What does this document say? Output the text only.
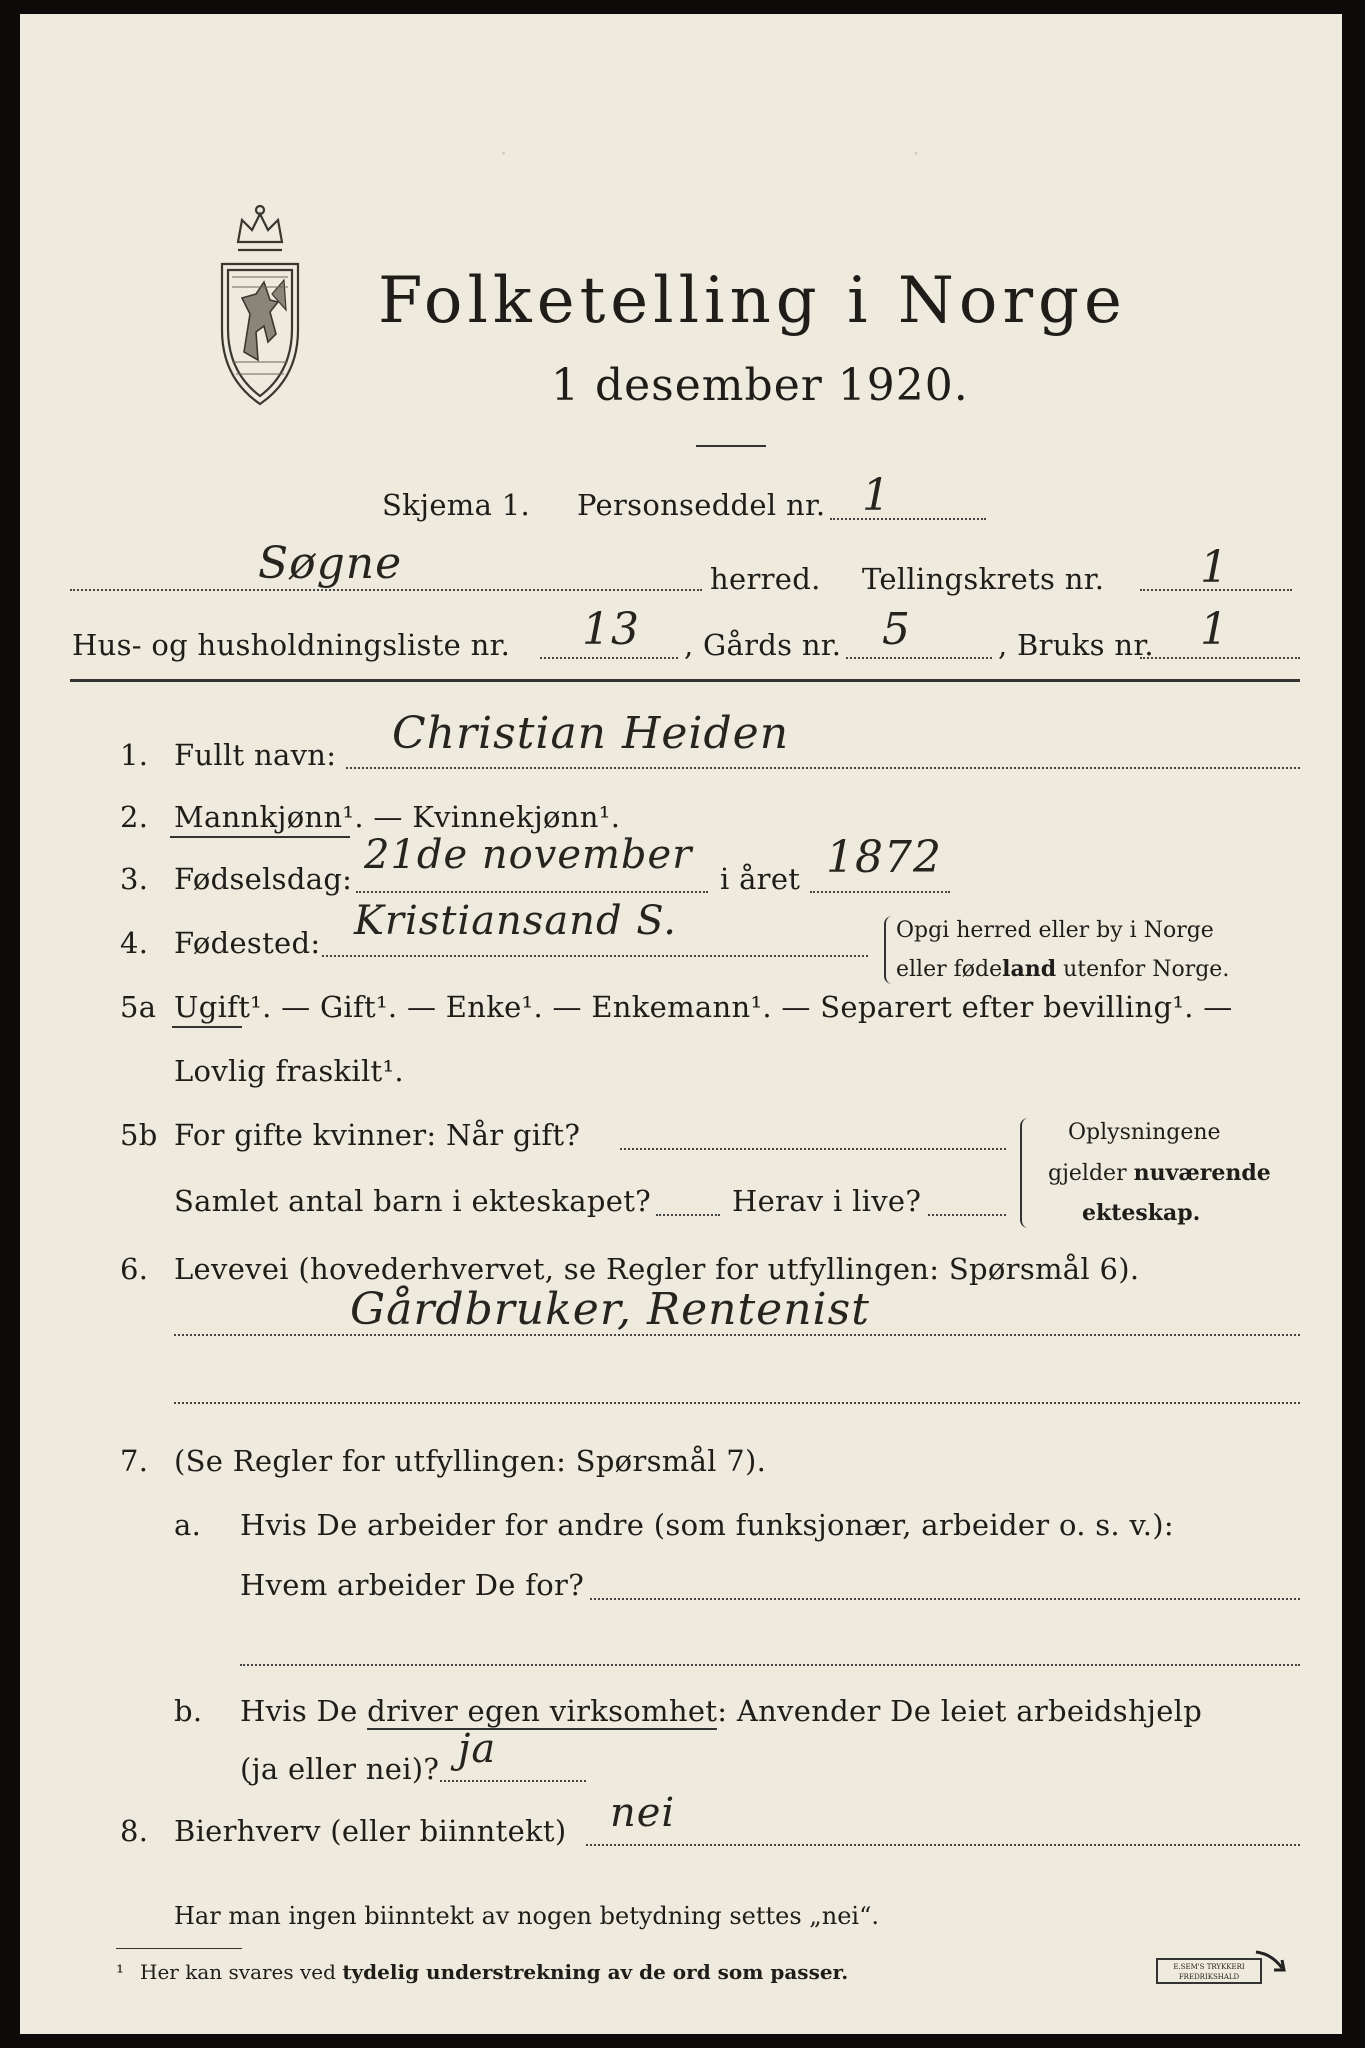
·                                                          ·
Folketelling i Norge
1 desember 1920.
Skjema 1. Personseddel nr. 1
Søgne	herred. Tellingskrets nr. 1
Hus- og husholdningsliste nr. 13 , Gårds nr. 5	, Bruks nr. 1
1. Fullt navn: Christian Heiden
2. Mannkjønn¹. — Kvinnekjønn¹.
3. Fødselsdag:
21de november
i året 1872
4. Fødested: Kristiansand S.	Opgi herred eller by i Norge
eller fødeland utenfor Norge.
5a Ugift¹. — Gift¹. — Enke¹. — Enkemann¹. — Separert efter bevilling¹. —
Lovlig fraskilt¹.
5b For gifte kvinner: Når gift?
Samlet antal barn i ekteskapet?	Herav i live?
Oplysningene
gjelder nuværende
ekteskap.
6. Levevei (hovederhvervet, se Regler for utfyllingen: Spørsmål 6).
Gårdbruker, Rentenist
7. (Se Regler for utfyllingen: Spørsmål 7).
a. Hvis De arbeider for andre (som funksjonær, arbeider o. s. v.):
Hvem arbeider De for?
b. Hvis De driver egen virksomhet: Anvender De leiet arbeidshjelp
(ja eller nei)? ja
8. Bierhverv (eller biinntekt) nei
Har man ingen biinntekt av nogen betydning settes „nei“.
¹ Her kan svares ved tydelig understrekning av de ord som passer.	E.SEM'S TRYKKERI
FREDRIKSHALD
